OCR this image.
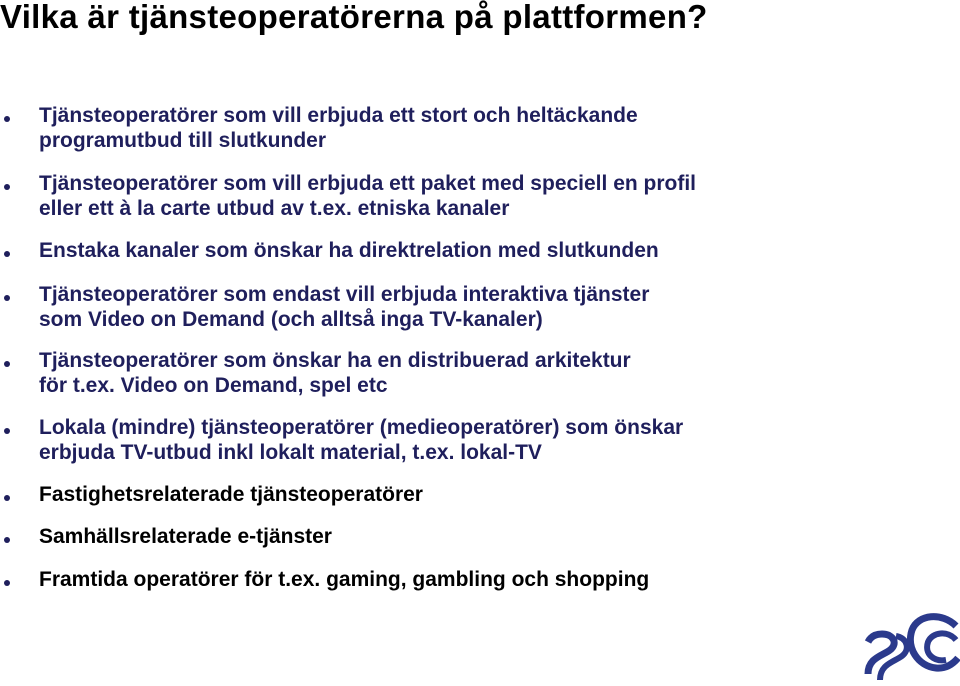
Vilka är tjänsteoperatörerna på plattformen?
Tjänsteoperatörer som vill erbjuda ett stort och heltäckande
programutbud till slutkunder
Tjänsteoperatörer som vill erbjuda ett paket med speciell en profil
eller ett à la carte utbud av t.ex. etniska kanaler
Enstaka kanaler som önskar ha direktrelation med slutkunden
Tjänsteoperatörer som endast vill erbjuda interaktiva tjänster
som Video on Demand (och alltså inga TV-kanaler)
Tjänsteoperatörer som önskar ha en distribuerad arkitektur
för t.ex. Video on Demand, spel etc
Lokala (mindre) tjänsteoperatörer (medieoperatörer) som önskar
erbjuda TV-utbud inkl lokalt material, t.ex. lokal-TV
Fastighetsrelaterade tjänsteoperatörer
Samhällsrelaterade e-tjänster
Framtida operatörer för t.ex. gaming, gambling och shopping
